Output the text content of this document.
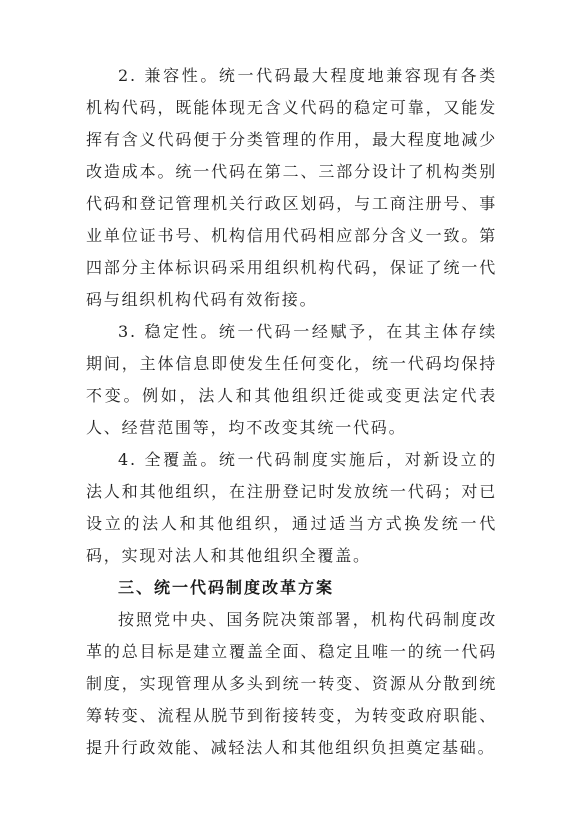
2. 兼容性。统一代码最大程度地兼容现有各类机构代码，既能体现无含义代码的稳定可靠，又能发挥有含义代码便于分类管理的作用，最大程度地减少改造成本。统一代码在第二、三部分设计了机构类别代码和登记管理机关行政区划码，与工商注册号、事业单位证书号、机构信用代码相应部分含义一致。第四部分主体标识码采用组织机构代码，保证了统一代码与组织机构代码有效衔接。

3. 稳定性。统一代码一经赋予，在其主体存续期间，主体信息即使发生任何变化，统一代码均保持不变。例如，法人和其他组织迁徙或变更法定代表人、经营范围等，均不改变其统一代码。

4. 全覆盖。统一代码制度实施后，对新设立的法人和其他组织，在注册登记时发放统一代码；对已设立的法人和其他组织，通过适当方式换发统一代码，实现对法人和其他组织全覆盖。

三、统一代码制度改革方案

按照党中央、国务院决策部署，机构代码制度改革的总目标是建立覆盖全面、稳定且唯一的统一代码制度，实现管理从多头到统一转变、资源从分散到统筹转变、流程从脱节到衔接转变，为转变政府职能、提升行政效能、减轻法人和其他组织负担奠定基础。
